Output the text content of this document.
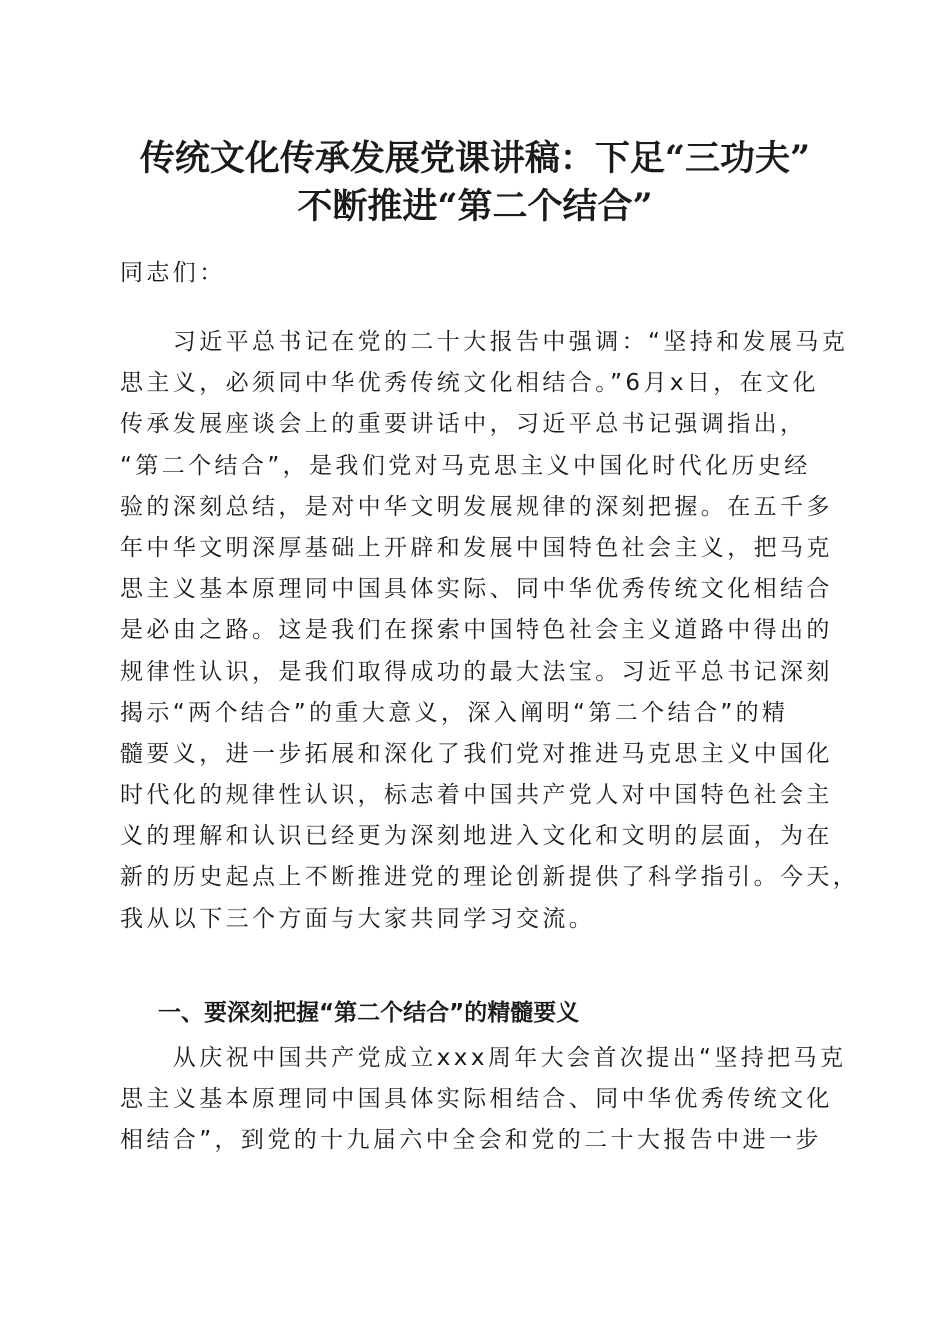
传统文化传承发展党课讲稿：下足“三功夫”
不断推进“第二个结合”

同志们：

　　习近平总书记在党的二十大报告中强调：“坚持和发展马克
思主义，必须同中华优秀传统文化相结合。”6月x日，在文化
传承发展座谈会上的重要讲话中，习近平总书记强调指出，
“第二个结合”，是我们党对马克思主义中国化时代化历史经
验的深刻总结，是对中华文明发展规律的深刻把握。在五千多
年中华文明深厚基础上开辟和发展中国特色社会主义，把马克
思主义基本原理同中国具体实际、同中华优秀传统文化相结合
是必由之路。这是我们在探索中国特色社会主义道路中得出的
规律性认识，是我们取得成功的最大法宝。习近平总书记深刻
揭示“两个结合”的重大意义，深入阐明“第二个结合”的精
髓要义，进一步拓展和深化了我们党对推进马克思主义中国化
时代化的规律性认识，标志着中国共产党人对中国特色社会主
义的理解和认识已经更为深刻地进入文化和文明的层面，为在
新的历史起点上不断推进党的理论创新提供了科学指引。今天，
我从以下三个方面与大家共同学习交流。
一、要深刻把握“第二个结合”的精髓要义
　　从庆祝中国共产党成立xxx周年大会首次提出“坚持把马克
思主义基本原理同中国具体实际相结合、同中华优秀传统文化
相结合”，到党的十九届六中全会和党的二十大报告中进一步
